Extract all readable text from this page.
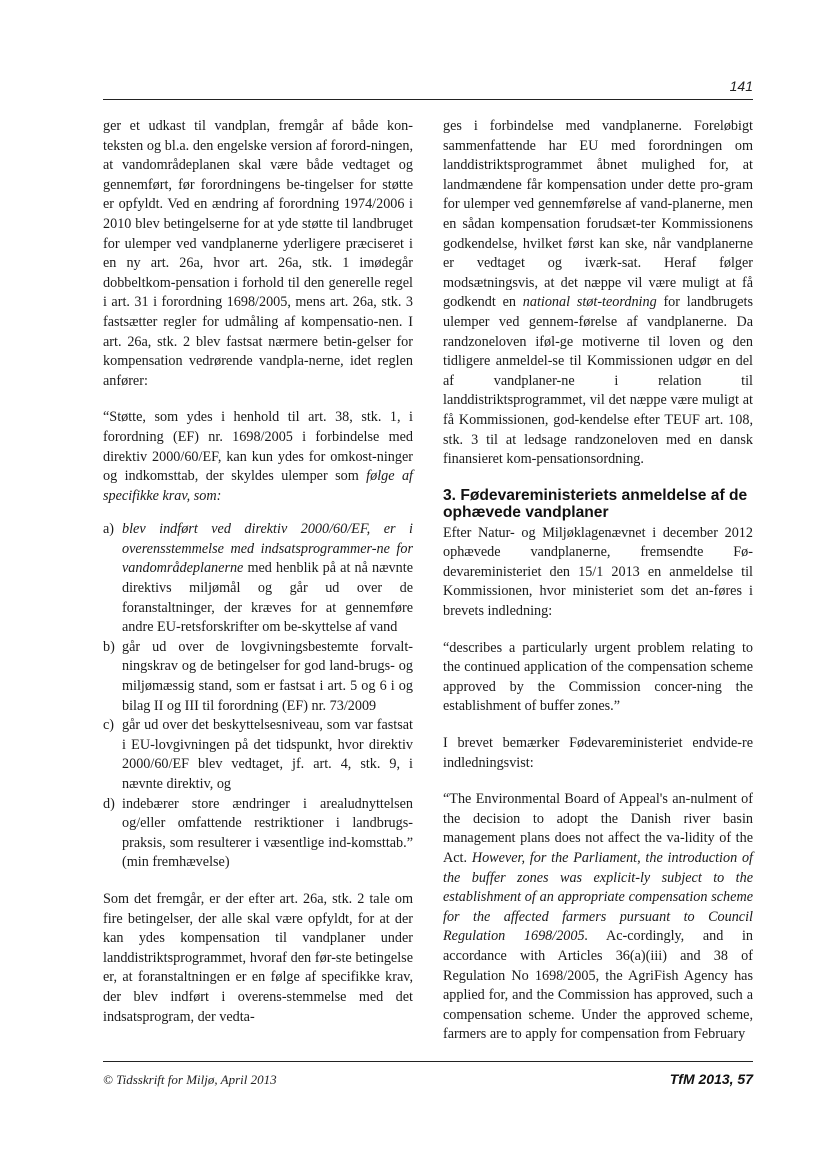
141

ger et udkast til vandplan, fremgår af både kon-teksten og bl.a. den engelske version af forord-ningen, at vandområdeplanen skal være både vedtaget og gennemført, før forordningens be-tingelser for støtte er opfyldt. Ved en ændring af forordning 1974/2006 i 2010 blev betingelserne for at yde støtte til landbruget for ulemper ved vandplanerne yderligere præciseret i en ny art. 26a, hvor art. 26a, stk. 1 imødegår dobbeltkom-pensation i forhold til den generelle regel i art. 31 i forordning 1698/2005, mens art. 26a, stk. 3 fastsætter regler for udmåling af kompensatio-nen. I art. 26a, stk. 2 blev fastsat nærmere betin-gelser for kompensation vedrørende vandpla-nerne, idet reglen anfører:

“Støtte, som ydes i henhold til art. 38, stk. 1, i forordning (EF) nr. 1698/2005 i forbindelse med direktiv 2000/60/EF, kan kun ydes for omkost-ninger og indkomsttab, der skyldes ulemper som følge af specifikke krav, som:

a) blev indført ved direktiv 2000/60/EF, er i overensstemmelse med indsatsprogrammer-ne for vandområdeplanerne med henblik på at nå nævnte direktivs miljømål og går ud over de foranstaltninger, der kræves for at gennemføre andre EU-retsforskrifter om be-skyttelse af vand
b) går ud over de lovgivningsbestemte forvalt-ningskrav og de betingelser for god land-brugs- og miljømæssig stand, som er fastsat i art. 5 og 6 i og bilag II og III til forordning (EF) nr. 73/2009
c) går ud over det beskyttelsesniveau, som var fastsat i EU-lovgivningen på det tidspunkt, hvor direktiv 2000/60/EF blev vedtaget, jf. art. 4, stk. 9, i nævnte direktiv, og
d) indebærer store ændringer i arealudnyttelsen og/eller omfattende restriktioner i landbrugs-praksis, som resulterer i væsentlige ind-komsttab.” (min fremhævelse)

Som det fremgår, er der efter art. 26a, stk. 2 tale om fire betingelser, der alle skal være opfyldt, for at der kan ydes kompensation til vandplaner under landdistriktsprogrammet, hvoraf den før-ste betingelse er, at foranstaltningen er en følge af specifikke krav, der blev indført i overens-stemmelse med det indsatsprogram, der vedta-

ges i forbindelse med vandplanerne. Foreløbigt sammenfattende har EU med forordningen om landdistriktsprogrammet åbnet mulighed for, at landmændene får kompensation under dette pro-gram for ulemper ved gennemførelse af vand-planerne, men en sådan kompensation forudsæt-ter Kommissionens godkendelse, hvilket først kan ske, når vandplanerne er vedtaget og iværk-sat. Heraf følger modsætningsvis, at det næppe vil være muligt at få godkendt en national støt-teordning for landbrugets ulemper ved gennem-førelse af vandplanerne. Da randzoneloven iføl-ge motiverne til loven og den tidligere anmeldel-se til Kommissionen udgør en del af vandplaner-ne i relation til landdistriktsprogrammet, vil det næppe være muligt at få Kommissionen, god-kendelse efter TEUF art. 108, stk. 3 til at ledsage randzoneloven med en dansk finansieret kom-pensationsordning.

3. Fødevareministeriets anmeldelse af de ophævede vandplaner

Efter Natur- og Miljøklagenævnet i december 2012 ophævede vandplanerne, fremsendte Fø-devareministeriet den 15/1 2013 en anmeldelse til Kommissionen, hvor ministeriet som det an-føres i brevets indledning:

“describes a particularly urgent problem relating to the continued application of the compensation scheme approved by the Commission concer-ning the establishment of buffer zones.”

I brevet bemærker Fødevareministeriet endvide-re indledningsvist:

“The Environmental Board of Appeal's an-nulment of the decision to adopt the Danish river basin management plans does not affect the va-lidity of the Act. However, for the Parliament, the introduction of the buffer zones was explicit-ly subject to the establishment of an appropriate compensation scheme for the affected farmers pursuant to Council Regulation 1698/2005. Ac-cordingly, and in accordance with Articles 36(a)(iii) and 38 of Regulation No 1698/2005, the AgriFish Agency has applied for, and the Commission has approved, such a compensation scheme. Under the approved scheme, farmers are to apply for compensation from February

© Tidsskrift for Miljø, April 2013	TfM 2013, 57
